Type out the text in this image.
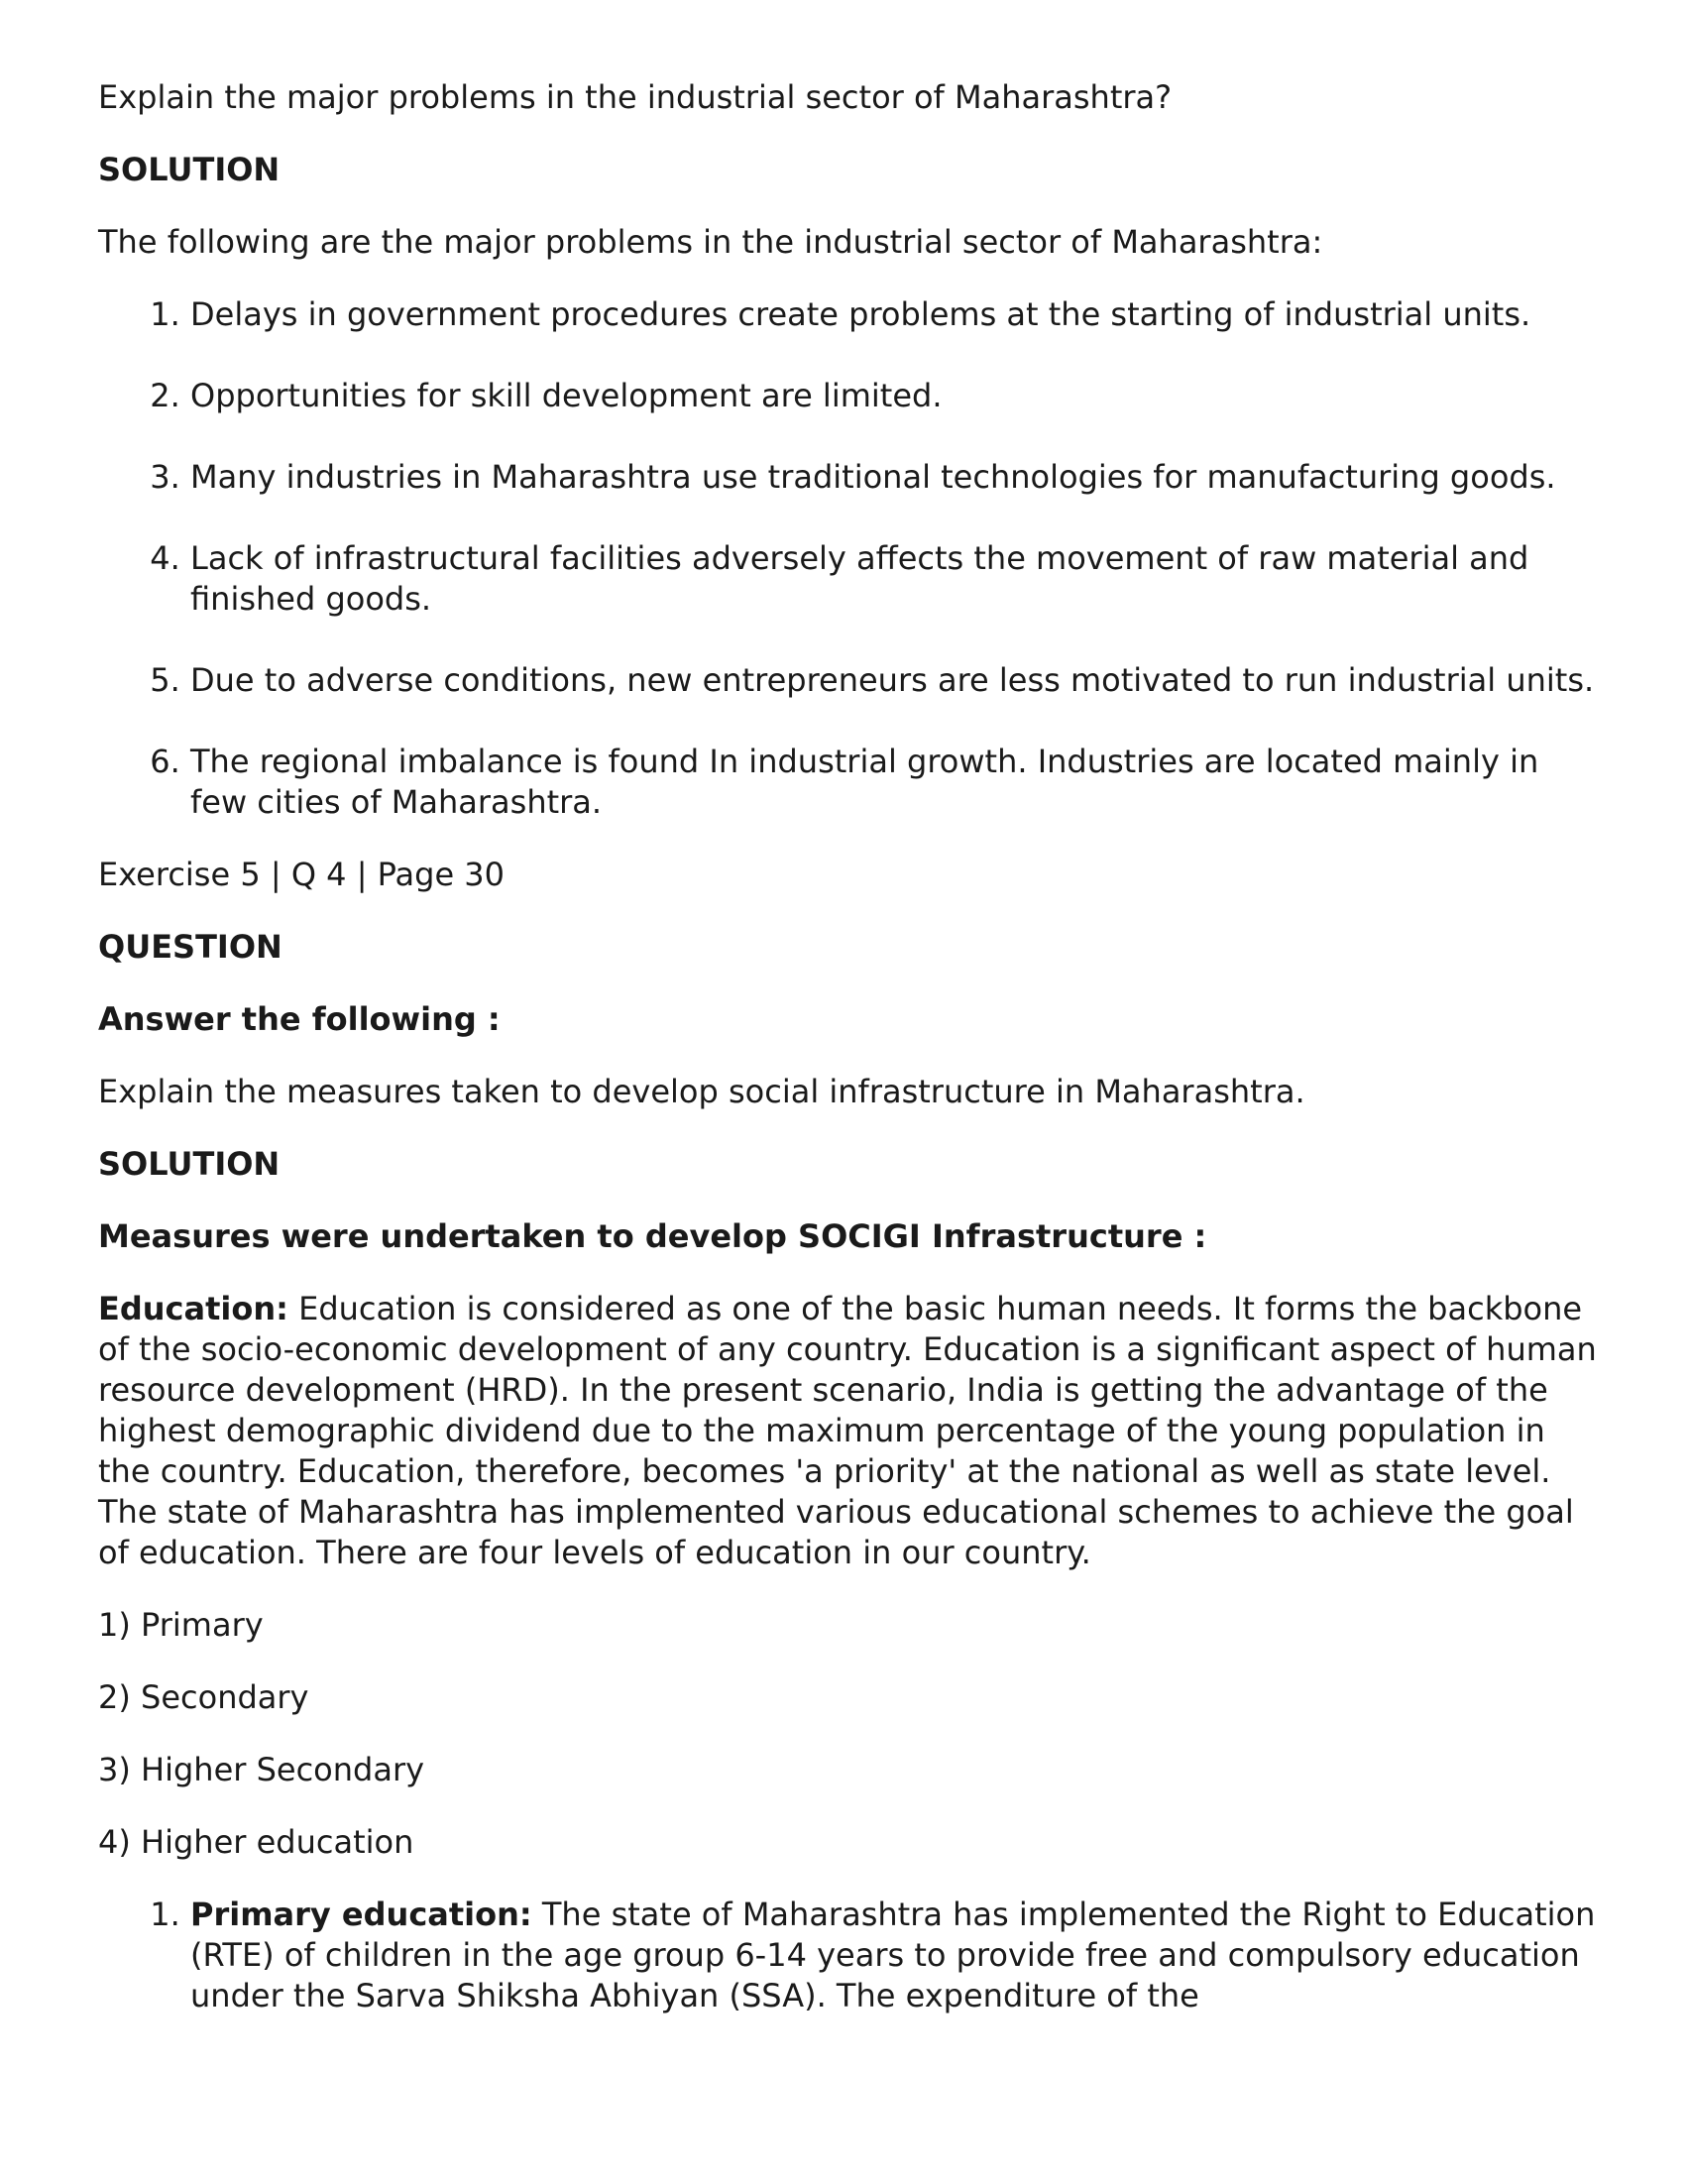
Explain the major problems in the industrial sector of Maharashtra?

SOLUTION

The following are the major problems in the industrial sector of Maharashtra:

1. Delays in government procedures create problems at the starting of industrial units.
2. Opportunities for skill development are limited.
3. Many industries in Maharashtra use traditional technologies for manufacturing goods.
4. Lack of infrastructural facilities adversely affects the movement of raw material and finished goods.
5. Due to adverse conditions, new entrepreneurs are less motivated to run industrial units.
6. The regional imbalance is found In industrial growth. Industries are located mainly in few cities of Maharashtra.

Exercise 5 | Q 4 | Page 30

QUESTION

Answer the following :

Explain the measures taken to develop social infrastructure in Maharashtra.

SOLUTION

Measures were undertaken to develop SOCIGI Infrastructure :

Education: Education is considered as one of the basic human needs. It forms the backbone of the socio-economic development of any country. Education is a significant aspect of human resource development (HRD). In the present scenario, India is getting the advantage of the highest demographic dividend due to the maximum percentage of the young population in the country. Education, therefore, becomes 'a priority' at the national as well as state level. The state of Maharashtra has implemented various educational schemes to achieve the goal of education. There are four levels of education in our country.

1) Primary

2) Secondary

3) Higher Secondary

4) Higher education

1. Primary education: The state of Maharashtra has implemented the Right to Education (RTE) of children in the age group 6-14 years to provide free and compulsory education under the Sarva Shiksha Abhiyan (SSA). The expenditure of the
